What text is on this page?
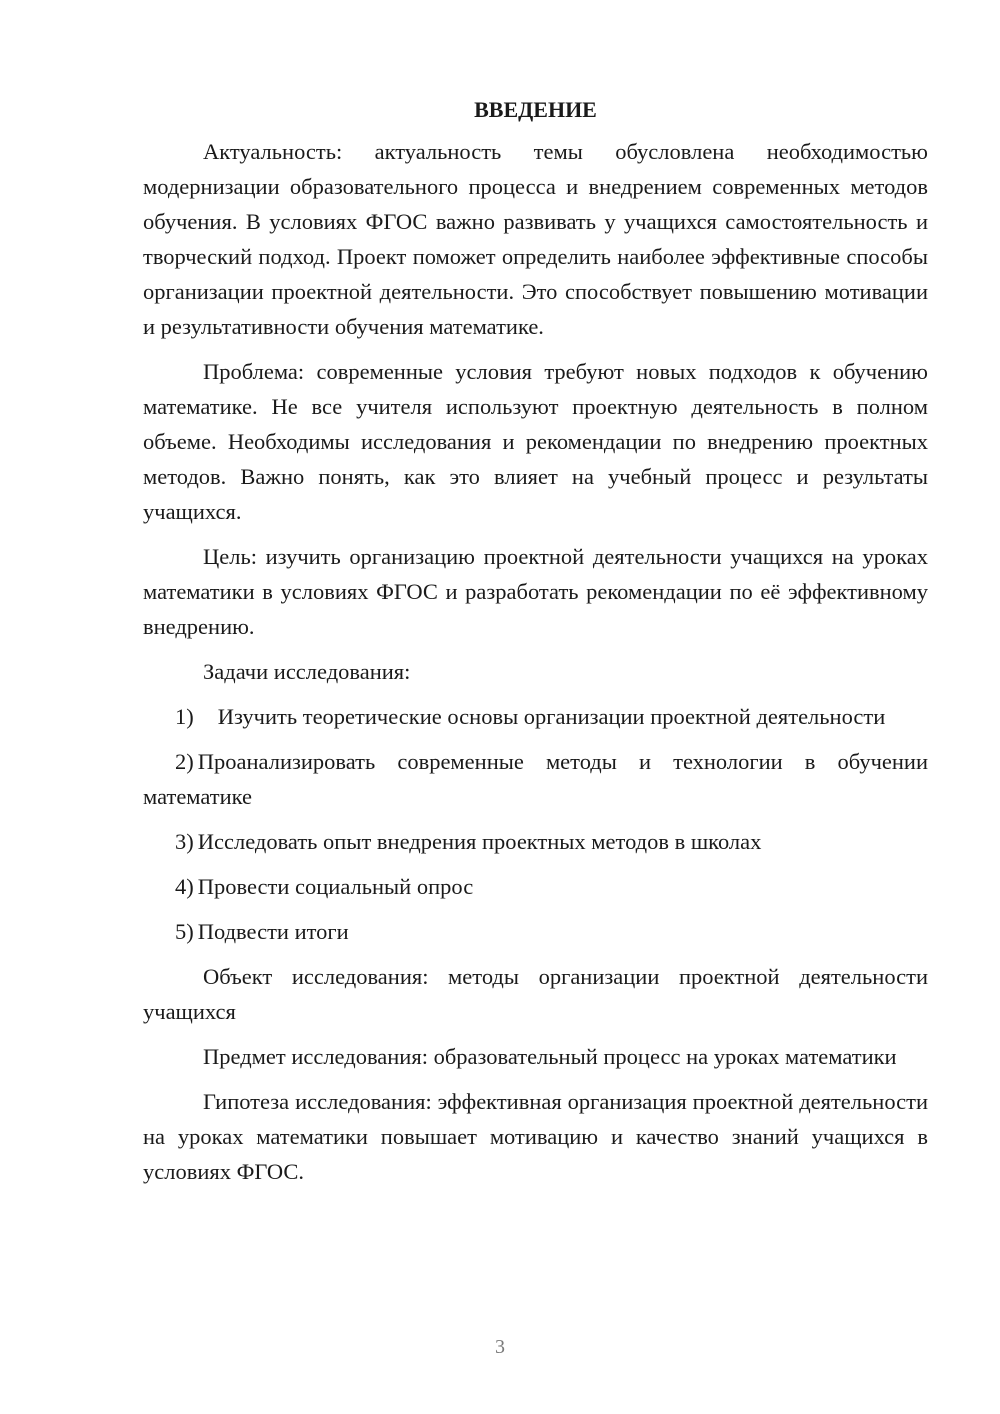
ВВЕДЕНИЕ

Актуальность: актуальность темы обусловлена необходимостью модернизации образовательного процесса и внедрением современных методов обучения. В условиях ФГОС важно развивать у учащихся самостоятельность и творческий подход. Проект поможет определить наиболее эффективные способы организации проектной деятельности. Это способствует повышению мотивации и результативности обучения математике.

Проблема: современные условия требуют новых подходов к обучению математике. Не все учителя используют проектную деятельность в полном объеме. Необходимы исследования и рекомендации по внедрению проектных методов. Важно понять, как это влияет на учебный процесс и результаты учащихся.

Цель: изучить организацию проектной деятельности учащихся на уроках математики в условиях ФГОС и разработать рекомендации по её эффективному внедрению.

Задачи исследования:

1) Изучить теоретические основы организации проектной деятельности
2) Проанализировать современные методы и технологии в обучении математике
3) Исследовать опыт внедрения проектных методов в школах
4) Провести социальный опрос
5) Подвести итоги

Объект исследования: методы организации проектной деятельности учащихся

Предмет исследования: образовательный процесс на уроках математики

Гипотеза исследования: эффективная организация проектной деятельности на уроках математики повышает мотивацию и качество знаний учащихся в условиях ФГОС.

3
